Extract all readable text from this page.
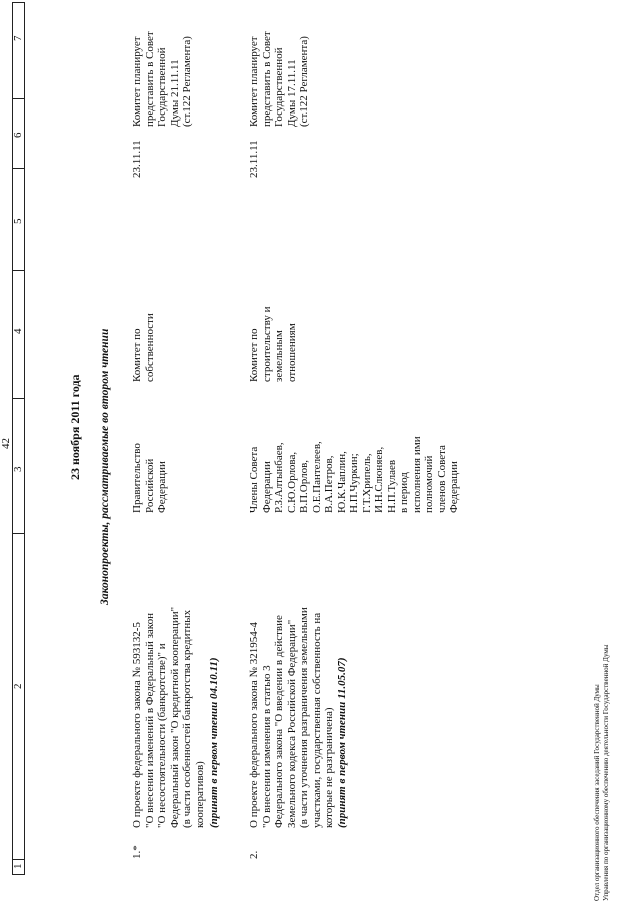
1
2
3
4
5
6
7
42	23 ноября 2011 года Законопроекты, рассматриваемые во втором чтении
1.*
О проекте федерального закона № 593132-5 "О внесении изменений в Федеральный закон "О несостоятельности (банкротстве)" и Федеральный закон "О кредитной кооперации" (в части особенностей банкротства кредитных кооперативов) (принят в первом чтении 04.10.11)
Правительство Российской Федерации
Комитет по собственности
23.11.11
Комитет планирует представить в Совет Государственной Думы 21.11.11 (ст.122 Регламента)
2.
О проекте федерального закона № 321954-4 "О внесении изменения в статью 3 Федерального закона "О введении в действие Земельного кодекса Российской Федерации" (в части уточнения разграничения земельными участками, государственная собственность на которые не разграничена) (принят в первом чтении 11.05.07)
Члены Совета Федерации Р.З.Алтынбаев, С.Ю.Орлова, В.П.Орлов, О.Е.Пантелеев, В.А.Петров, Ю.К.Чаплин, Н.П.Чуркин; Г.Т.Хрипель, И.Н.Слюняев, Н.П.Тулаев в период исполнения ими полномочий членов Совета Федерации
Комитет по строительству и земельным отношениям
23.11.11
Комитет планирует представить в Совет Государственной Думы 17.11.11 (ст.122 Регламента)
Отдел организационного обеспечения заседаний Государственной Думы Управления по организационному обеспечению деятельности Государственной Думы
